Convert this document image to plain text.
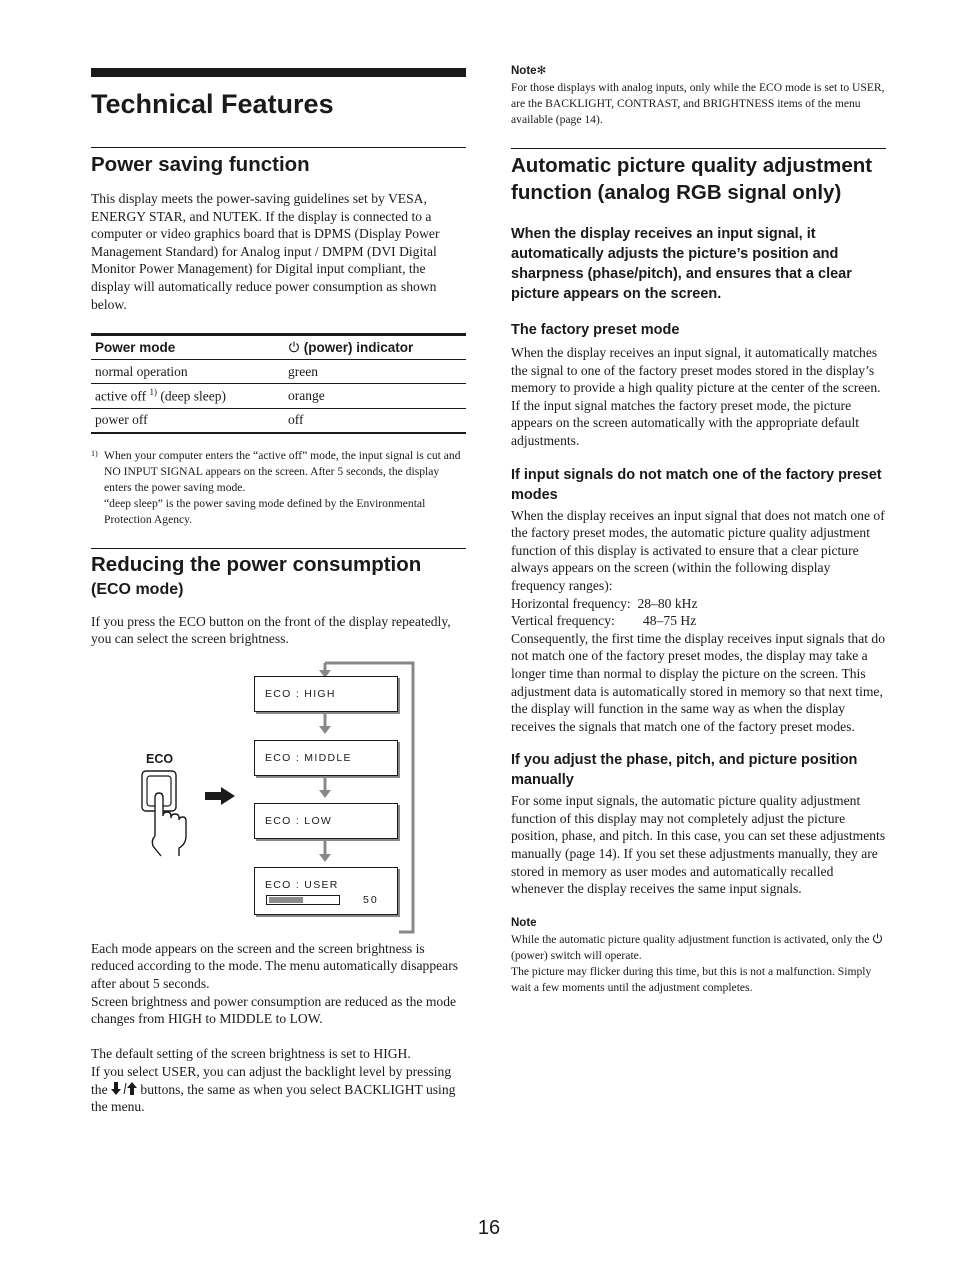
Technical Features
Power saving function

This display meets the power-saving guidelines set by VESA, ENERGY STAR, and NUTEK. If the display is connected to a computer or video graphics board that is DPMS (Display Power Management Standard) for Analog input / DMPM (DVI Digital Monitor Power Management) for Digital input compliant, the display will automatically reduce power consumption as shown below.

Power mode	(power) indicator
normal operation	green
active off $^{1)}$ (deep sleep)	orange
power off	off
1) When your computer enters the “active off” mode, the input signal is cut and NO INPUT SIGNAL appears on the screen. After 5 seconds, the display enters the power saving mode.
“deep sleep” is the power saving mode defined by the Environmental Protection Agency.
Reducing the power consumption
(ECO mode)

If you press the ECO button on the front of the display repeatedly, you can select the screen brightness.

ECO : HIGH
ECO : MIDDLE
ECO : LOW
ECO : USER
50
ECO

Each mode appears on the screen and the screen brightness is reduced according to the mode. The menu automatically disappears after about 5 seconds.

Screen brightness and power consumption are reduced as the mode changes from HIGH to MIDDLE to LOW.

The default setting of the screen brightness is set to HIGH.

If you select USER, you can adjust the backlight level by pressing the buttons, the same as when you select BACKLIGHT using the menu.

Note✻
For those displays with analog inputs, only while the ECO mode is set to USER, are the BACKLIGHT, CONTRAST, and BRIGHTNESS items of the menu available (page 14).
Automatic picture quality adjustment function (analog RGB signal only)
When the display receives an input signal, it automatically adjusts the picture’s position and sharpness (phase/pitch), and ensures that a clear picture appears on the screen.
The factory preset mode

When the display receives an input signal, it automatically matches the signal to one of the factory preset modes stored in the display’s memory to provide a high quality picture at the center of the screen. If the input signal matches the factory preset mode, the picture appears on the screen automatically with the appropriate default adjustments.

If input signals do not match one of the factory preset modes

When the display receives an input signal that does not match one of the factory preset modes, the automatic picture quality adjustment function of this display is activated to ensure that a clear picture always appears on the screen (within the following display frequency ranges):

Horizontal frequency: 28–80 kHz

Vertical frequency: 48–75 Hz

Consequently, the first time the display receives input signals that do not match one of the factory preset modes, the display may take a longer time than normal to display the picture on the screen. This adjustment data is automatically stored in memory so that next time, the display will function in the same way as when the display receives the signals that match one of the factory preset modes.

If you adjust the phase, pitch, and picture position manually

For some input signals, the automatic picture quality adjustment function of this display may not completely adjust the picture position, phase, and pitch. In this case, you can set these adjustments manually (page 14). If you set these adjustments manually, they are stored in memory as user modes and automatically recalled whenever the display receives the same input signals.

Note
While the automatic picture quality adjustment function is activated, only the  (power) switch will operate.
The picture may flicker during this time, but this is not a malfunction. Simply wait a few moments until the adjustment completes.
16
